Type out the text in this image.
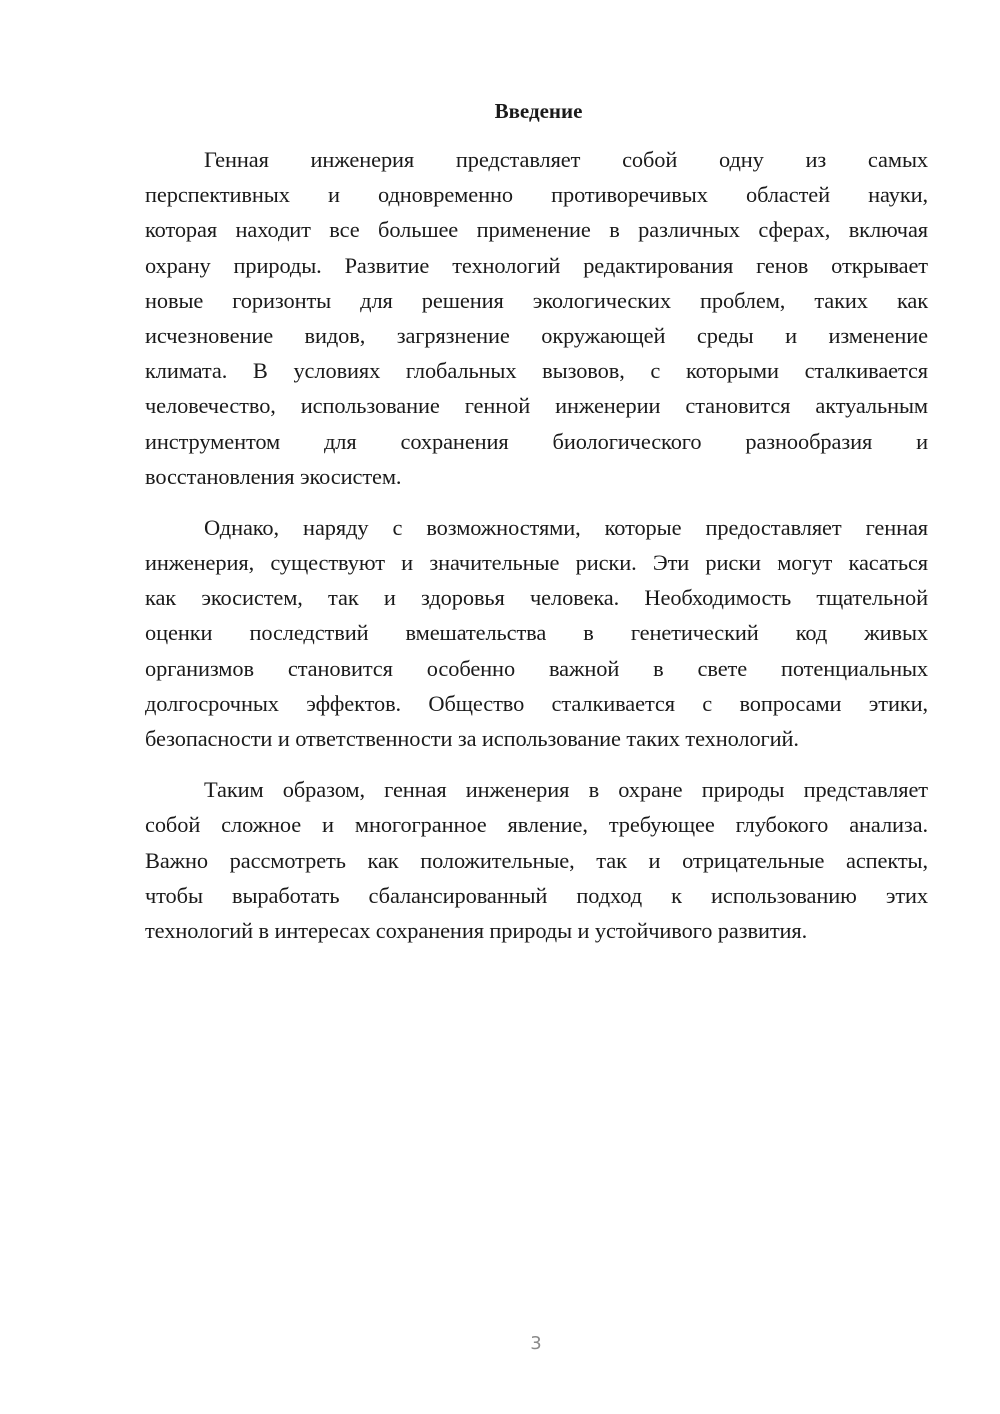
Введение
Генная инженерия представляет собой одну из самых
перспективных и одновременно противоречивых областей науки,
которая находит все большее применение в различных сферах, включая
охрану природы. Развитие технологий редактирования генов открывает
новые горизонты для решения экологических проблем, таких как
исчезновение видов, загрязнение окружающей среды и изменение
климата. В условиях глобальных вызовов, с которыми сталкивается
человечество, использование генной инженерии становится актуальным
инструментом для сохранения биологического разнообразия и
восстановления экосистем.
Однако, наряду с возможностями, которые предоставляет генная
инженерия, существуют и значительные риски. Эти риски могут касаться
как экосистем, так и здоровья человека. Необходимость тщательной
оценки последствий вмешательства в генетический код живых
организмов становится особенно важной в свете потенциальных
долгосрочных эффектов. Общество сталкивается с вопросами этики,
безопасности и ответственности за использование таких технологий.
Таким образом, генная инженерия в охране природы представляет
собой сложное и многогранное явление, требующее глубокого анализа.
Важно рассмотреть как положительные, так и отрицательные аспекты,
чтобы выработать сбалансированный подход к использованию этих
технологий в интересах сохранения природы и устойчивого развития.
3
